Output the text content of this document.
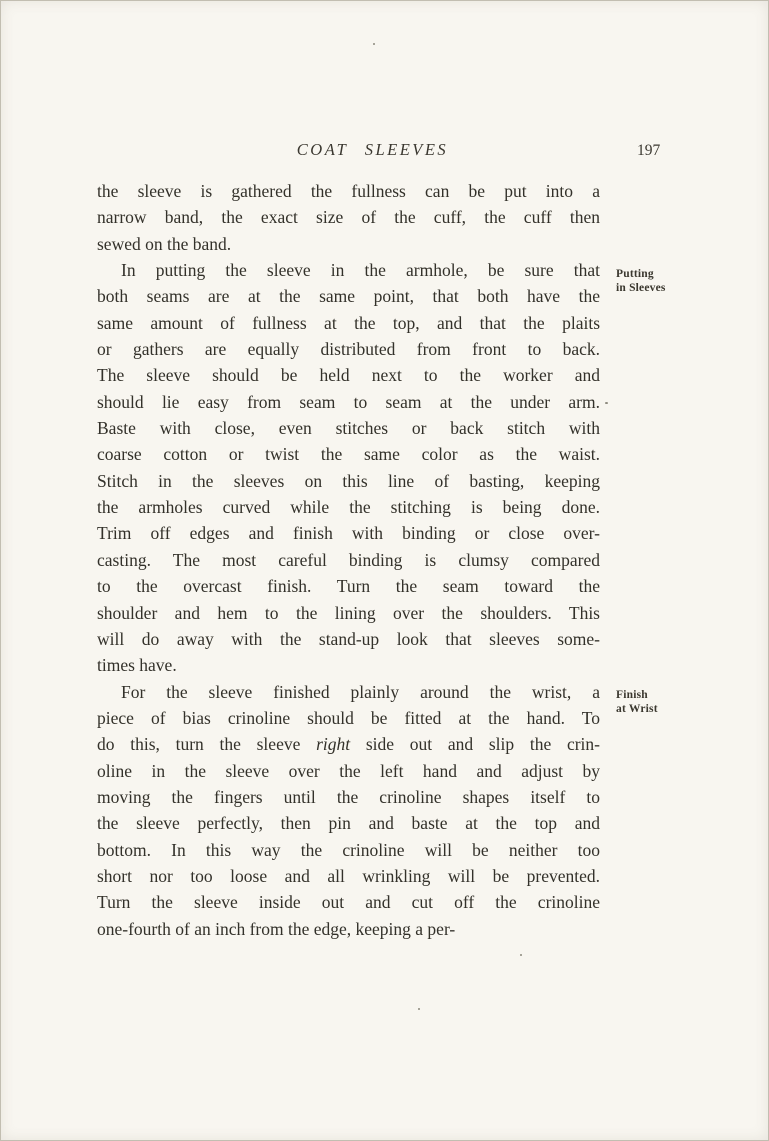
COAT SLEEVES	197
the sleeve is gathered the fullness can be put into a
narrow band, the exact size of the cuff, the cuff then
sewed on the band.
In putting the sleeve in the armhole, be sure that
both seams are at the same point, that both have the
same amount of fullness at the top, and that the plaits
or gathers are equally distributed from front to back.
The sleeve should be held next to the worker and
should lie easy from seam to seam at the under arm.
Baste with close, even stitches or back stitch with
coarse cotton or twist the same color as the waist.
Stitch in the sleeves on this line of basting, keeping
the armholes curved while the stitching is being done.
Trim off edges and finish with binding or close over-
casting. The most careful binding is clumsy compared
to the overcast finish. Turn the seam toward the
shoulder and hem to the lining over the shoulders. This
will do away with the stand-up look that sleeves some-
times have.
For the sleeve finished plainly around the wrist, a
piece of bias crinoline should be fitted at the hand. To
do this, turn the sleeve right side out and slip the crin-
oline in the sleeve over the left hand and adjust by
moving the fingers until the crinoline shapes itself to
the sleeve perfectly, then pin and baste at the top and
bottom. In this way the crinoline will be neither too
short nor too loose and all wrinkling will be prevented.
Turn the sleeve inside out and cut off the crinoline
one-fourth of an inch from the edge, keeping a per-
Putting
in Sleeves
Finish
at Wrist
